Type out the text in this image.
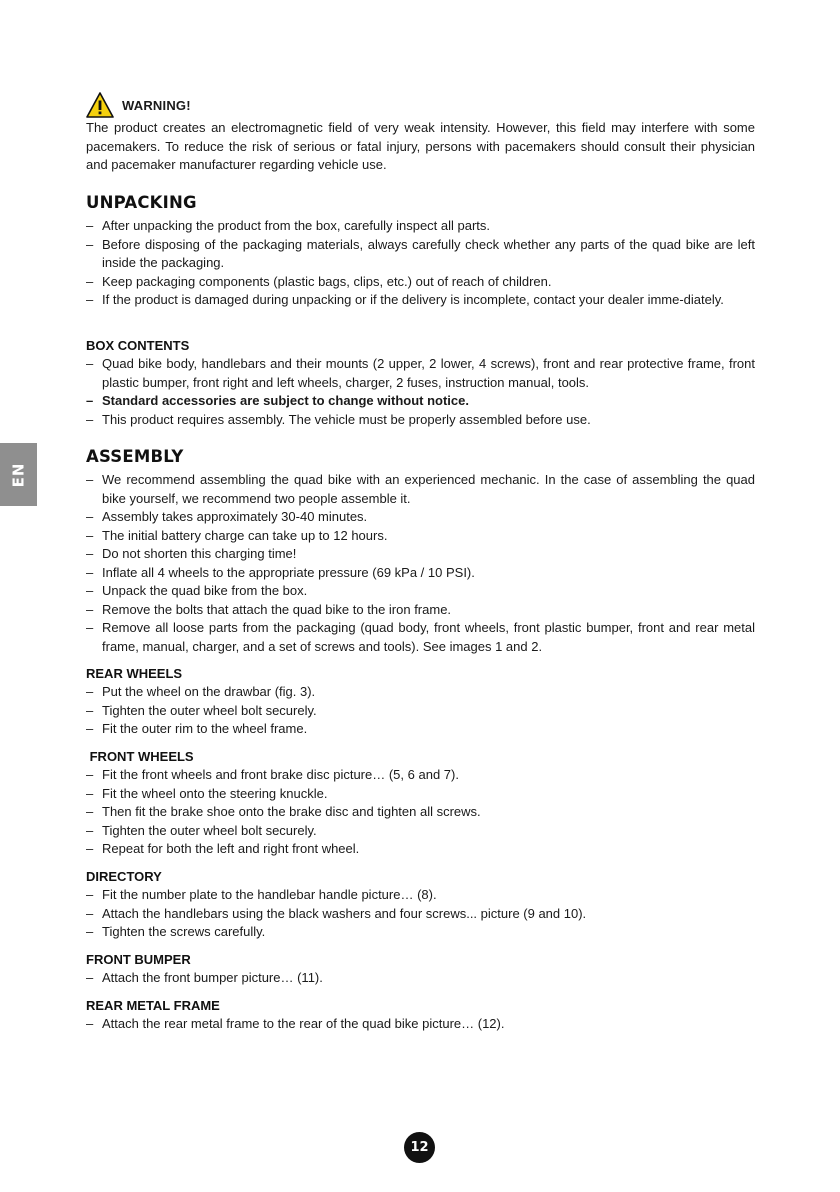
WARNING!
The product creates an electromagnetic field of very weak intensity. However, this field may interfere with some pacemakers. To reduce the risk of serious or fatal injury, persons with pacemakers should consult their physician and pacemaker manufacturer regarding vehicle use.
UNPACKING
– After unpacking the product from the box, carefully inspect all parts.
– Before disposing of the packaging materials, always carefully check whether any parts of the quad bike are left inside the packaging.
– Keep packaging components (plastic bags, clips, etc.) out of reach of children.
– If the product is damaged during unpacking or if the delivery is incomplete, contact your dealer imme-diately.
BOX CONTENTS
– Quad bike body, handlebars and their mounts (2 upper, 2 lower, 4 screws), front and rear protective frame, front plastic bumper, front right and left wheels, charger, 2 fuses, instruction manual, tools.
– Standard accessories are subject to change without notice.
– This product requires assembly. The vehicle must be properly assembled before use.
ASSEMBLY
– We recommend assembling the quad bike with an experienced mechanic. In the case of assembling the quad bike yourself, we recommend two people assemble it.
– Assembly takes approximately 30-40 minutes.
– The initial battery charge can take up to 12 hours.
– Do not shorten this charging time!
– Inflate all 4 wheels to the appropriate pressure (69 kPa / 10 PSI).
– Unpack the quad bike from the box.
– Remove the bolts that attach the quad bike to the iron frame.
– Remove all loose parts from the packaging (quad body, front wheels, front plastic bumper, front and rear metal frame, manual, charger, and a set of screws and tools). See images 1 and 2.
REAR WHEELS
– Put the wheel on the drawbar (fig. 3).
– Tighten the outer wheel bolt securely.
– Fit the outer rim to the wheel frame.
FRONT WHEELS
– Fit the front wheels and front brake disc picture… (5, 6 and 7).
– Fit the wheel onto the steering knuckle.
– Then fit the brake shoe onto the brake disc and tighten all screws.
– Tighten the outer wheel bolt securely.
– Repeat for both the left and right front wheel.
DIRECTORY
– Fit the number plate to the handlebar handle picture… (8).
– Attach the handlebars using the black washers and four screws... picture (9 and 10).
– Tighten the screws carefully.
FRONT BUMPER
– Attach the front bumper picture… (11).
REAR METAL FRAME
– Attach the rear metal frame to the rear of the quad bike picture… (12).
EN
12
